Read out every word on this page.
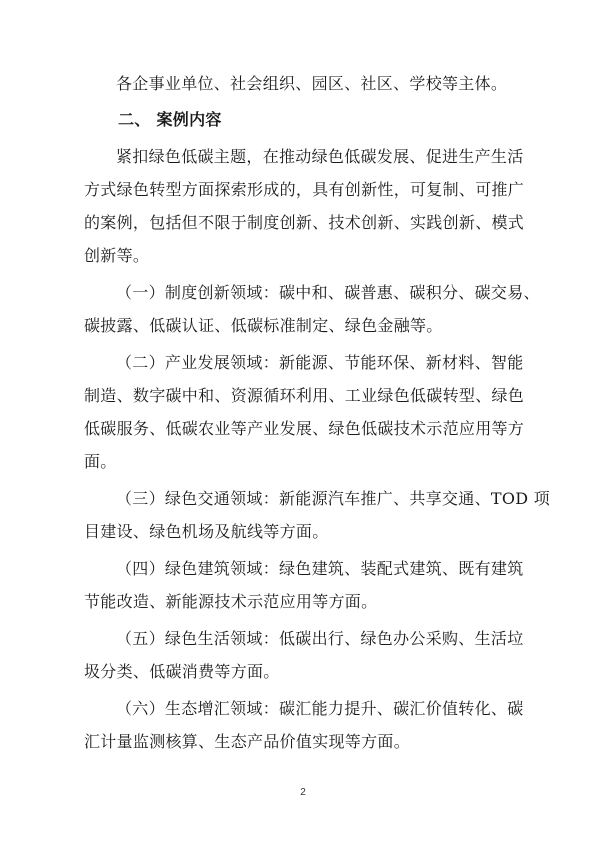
各企事业单位、社会组织、园区、社区、学校等主体。
二、 案例内容
紧扣绿色低碳主题，在推动绿色低碳发展、促进生产生活
方式绿色转型方面探索形成的，具有创新性，可复制、可推广
的案例，包括但不限于制度创新、技术创新、实践创新、模式
创新等。
（一）制度创新领域：碳中和、碳普惠、碳积分、碳交易、
碳披露、低碳认证、低碳标准制定、绿色金融等。
（二）产业发展领域：新能源、节能环保、新材料、智能
制造、数字碳中和、资源循环利用、工业绿色低碳转型、绿色
低碳服务、低碳农业等产业发展、绿色低碳技术示范应用等方
面。
（三）绿色交通领域：新能源汽车推广、共享交通、TOD 项
目建设、绿色机场及航线等方面。
（四）绿色建筑领域：绿色建筑、装配式建筑、既有建筑
节能改造、新能源技术示范应用等方面。
（五）绿色生活领域：低碳出行、绿色办公采购、生活垃
圾分类、低碳消费等方面。
（六）生态增汇领域：碳汇能力提升、碳汇价值转化、碳
汇计量监测核算、生态产品价值实现等方面。
2
